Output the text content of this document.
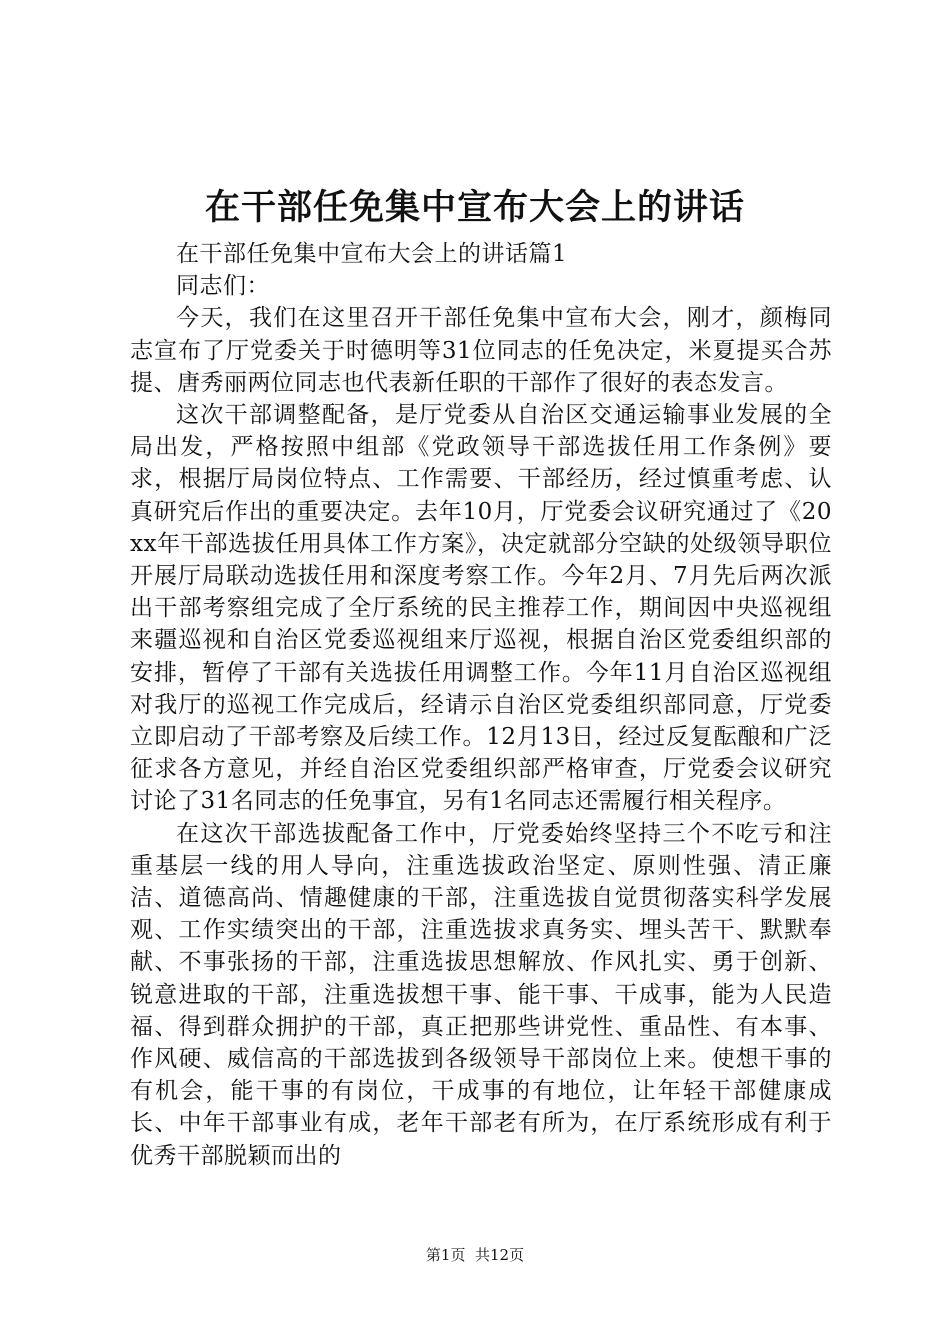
在干部任免集中宣布大会上的讲话

在干部任免集中宣布大会上的讲话篇1

同志们：

今天，我们在这里召开干部任免集中宣布大会，刚才，颜梅同志宣布了厅党委关于时德明等31位同志的任免决定，米夏提买合苏提、唐秀丽两位同志也代表新任职的干部作了很好的表态发言。

这次干部调整配备，是厅党委从自治区交通运输事业发展的全局出发，严格按照中组部《党政领导干部选拔任用工作条例》要求，根据厅局岗位特点、工作需要、干部经历，经过慎重考虑、认真研究后作出的重要决定。去年10月，厅党委会议研究通过了《20xx年干部选拔任用具体工作方案》，决定就部分空缺的处级领导职位开展厅局联动选拔任用和深度考察工作。今年2月、7月先后两次派出干部考察组完成了全厅系统的民主推荐工作，期间因中央巡视组来疆巡视和自治区党委巡视组来厅巡视，根据自治区党委组织部的安排，暂停了干部有关选拔任用调整工作。今年11月自治区巡视组对我厅的巡视工作完成后，经请示自治区党委组织部同意，厅党委立即启动了干部考察及后续工作。12月13日，经过反复酝酿和广泛征求各方意见，并经自治区党委组织部严格审查，厅党委会议研究讨论了31名同志的任免事宜，另有1名同志还需履行相关程序。

在这次干部选拔配备工作中，厅党委始终坚持三个不吃亏和注重基层一线的用人导向，注重选拔政治坚定、原则性强、清正廉洁、道德高尚、情趣健康的干部，注重选拔自觉贯彻落实科学发展观、工作实绩突出的干部，注重选拔求真务实、埋头苦干、默默奉献、不事张扬的干部，注重选拔思想解放、作风扎实、勇于创新、锐意进取的干部，注重选拔想干事、能干事、干成事，能为人民造福、得到群众拥护的干部，真正把那些讲党性、重品性、有本事、作风硬、威信高的干部选拔到各级领导干部岗位上来。使想干事的有机会，能干事的有岗位，干成事的有地位，让年轻干部健康成长、中年干部事业有成，老年干部老有所为，在厅系统形成有利于优秀干部脱颖而出的

第1页 共12页
